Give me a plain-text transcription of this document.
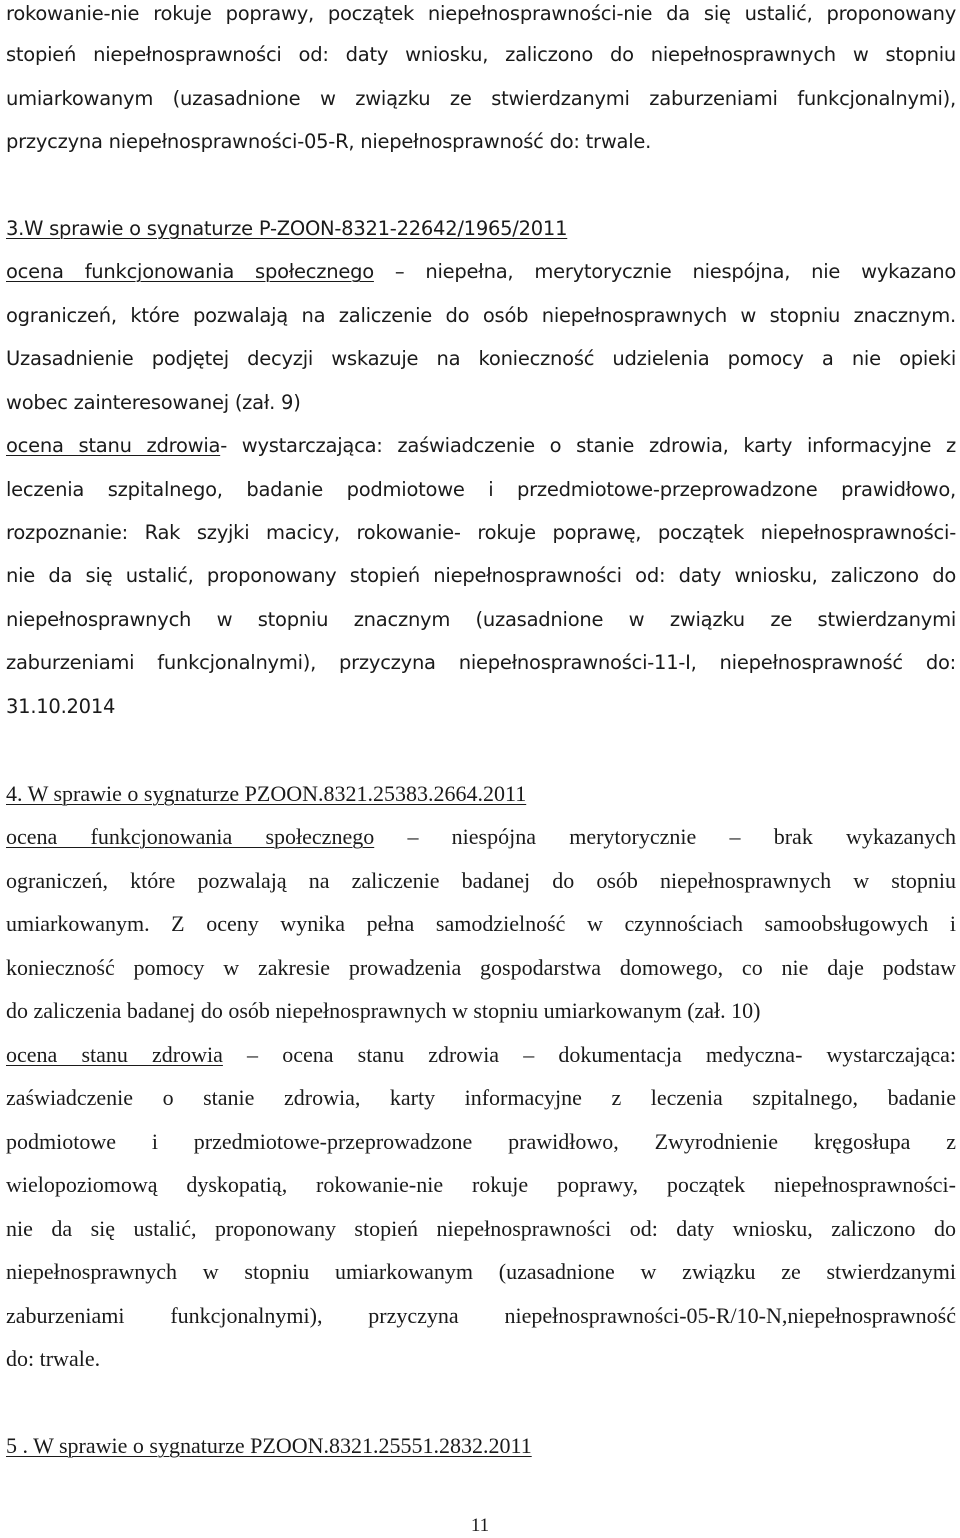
rokowanie-nie rokuje poprawy, początek niepełnosprawności-nie da się ustalić, proponowany
stopień niepełnosprawności od: daty wniosku, zaliczono do niepełnosprawnych w stopniu
umiarkowanym (uzasadnione w związku ze stwierdzanymi zaburzeniami funkcjonalnymi),
przyczyna niepełnosprawności-05-R, niepełnosprawność do: trwale.
3.W sprawie o sygnaturze P-ZOON-8321-22642/1965/2011
ocena funkcjonowania społecznego – niepełna, merytorycznie niespójna, nie wykazano
ograniczeń, które pozwalają na zaliczenie do osób niepełnosprawnych w stopniu znacznym.
Uzasadnienie podjętej decyzji wskazuje na konieczność udzielenia pomocy a nie opieki
wobec zainteresowanej (zał. 9)
ocena stanu zdrowia- wystarczająca: zaświadczenie o stanie zdrowia, karty informacyjne z
leczenia szpitalnego, badanie podmiotowe i przedmiotowe-przeprowadzone prawidłowo,
rozpoznanie: Rak szyjki macicy, rokowanie- rokuje poprawę, początek niepełnosprawności-
nie da się ustalić, proponowany stopień niepełnosprawności od: daty wniosku, zaliczono do
niepełnosprawnych w stopniu znacznym (uzasadnione w związku ze stwierdzanymi
zaburzeniami funkcjonalnymi), przyczyna niepełnosprawności-11-I, niepełnosprawność do:
31.10.2014
4. W sprawie o sygnaturze PZOON.8321.25383.2664.2011
ocena funkcjonowania społecznego – niespójna merytorycznie – brak wykazanych
ograniczeń, które pozwalają na zaliczenie badanej do osób niepełnosprawnych w stopniu
umiarkowanym. Z oceny wynika pełna samodzielność w czynnościach samoobsługowych i
konieczność pomocy w zakresie prowadzenia gospodarstwa domowego, co nie daje podstaw
do zaliczenia badanej do osób niepełnosprawnych w stopniu umiarkowanym (zał. 10)
ocena stanu zdrowia – ocena stanu zdrowia – dokumentacja medyczna- wystarczająca:
zaświadczenie o stanie zdrowia, karty informacyjne z leczenia szpitalnego, badanie
podmiotowe i przedmiotowe-przeprowadzone prawidłowo, Zwyrodnienie kręgosłupa z
wielopoziomową dyskopatią, rokowanie-nie rokuje poprawy, początek niepełnosprawności-
nie da się ustalić, proponowany stopień niepełnosprawności od: daty wniosku, zaliczono do
niepełnosprawnych w stopniu umiarkowanym (uzasadnione w związku ze stwierdzanymi
zaburzeniami funkcjonalnymi), przyczyna niepełnosprawności-05-R/10-N,niepełnosprawność
do: trwale.
5 . W sprawie o sygnaturze PZOON.8321.25551.2832.2011
11
